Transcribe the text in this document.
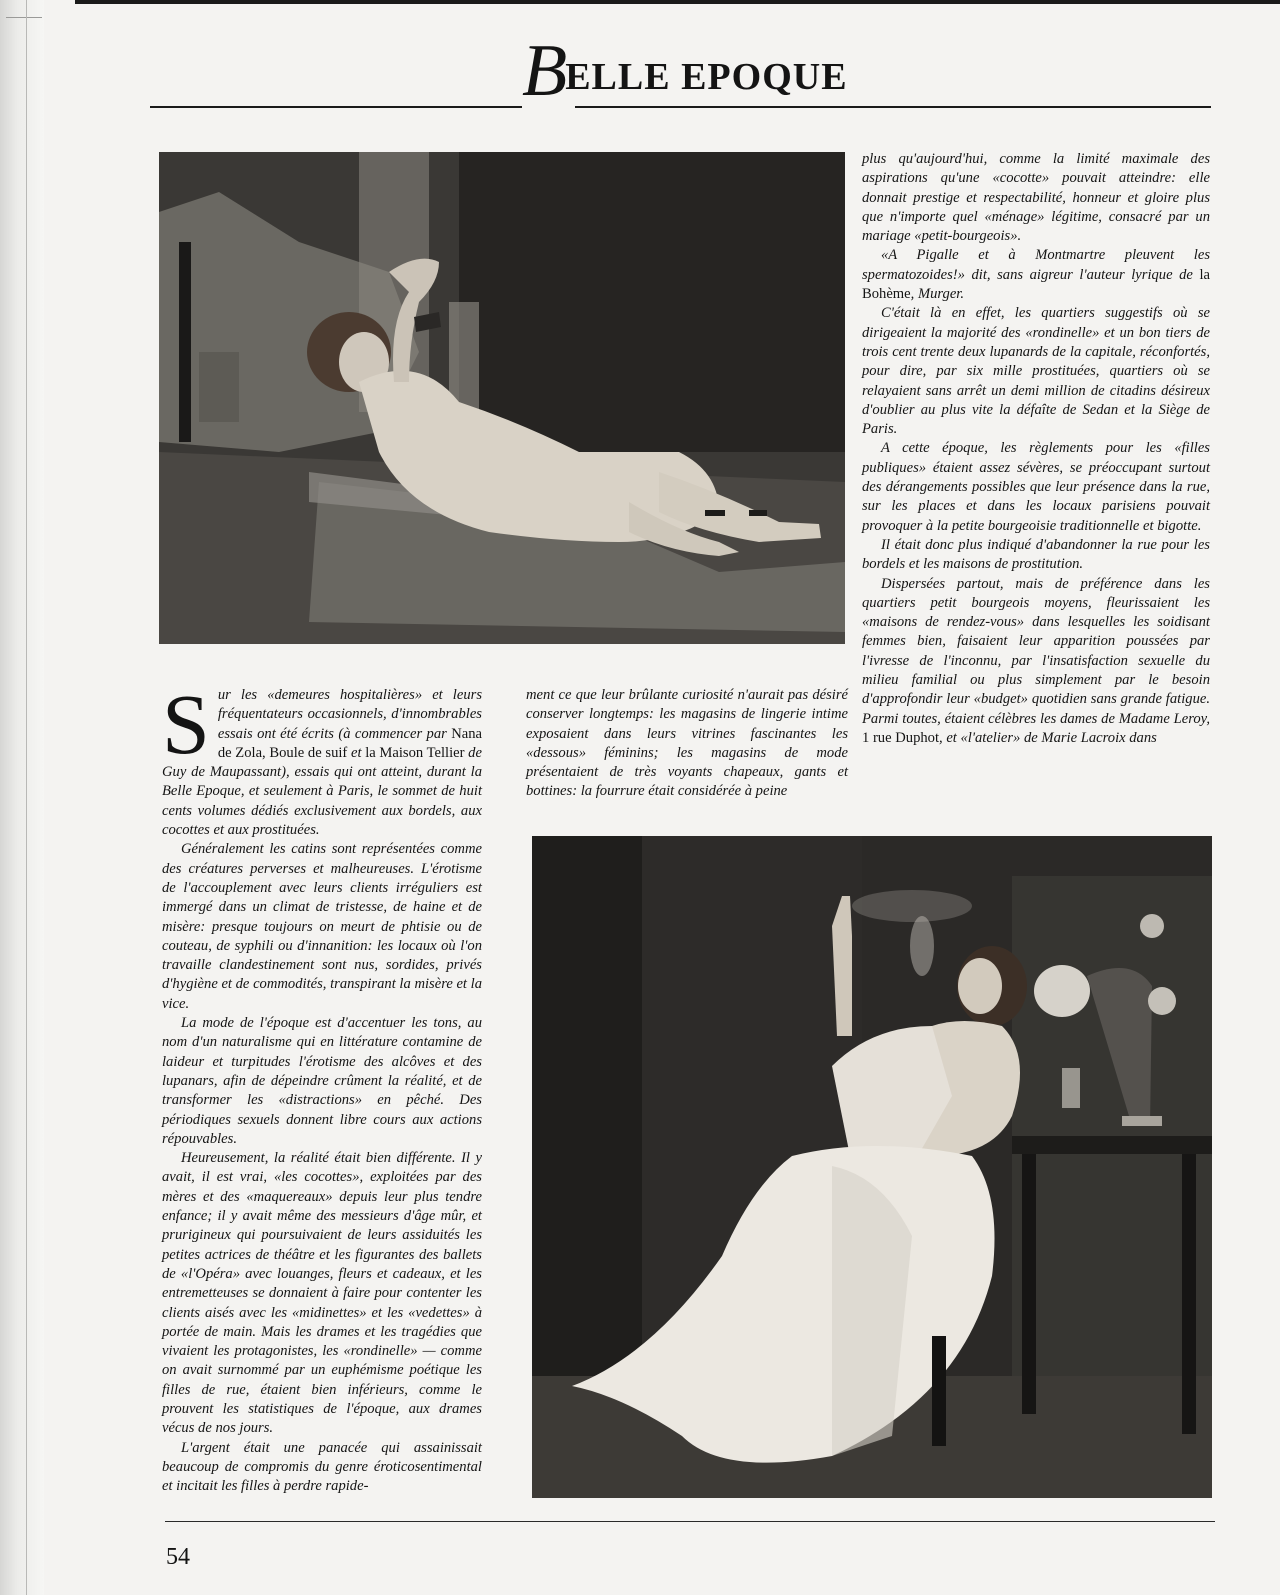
BELLE EPOQUE

Sur les «demeures hospitalières» et leurs fréquentateurs occasionnels, d'innombrables essais ont été écrits (à commencer par Nana de Zola, Boule de suif et la Maison Tellier de Guy de Maupassant), essais qui ont atteint, durant la Belle Epoque, et seulement à Paris, le sommet de huit cents volumes dédiés exclusivement aux bordels, aux cocottes et aux prostituées.

Généralement les catins sont représentées comme des créatures perverses et malheureuses. L'érotisme de l'accouplement avec leurs clients irréguliers est immergé dans un climat de tristesse, de haine et de misère: presque toujours on meurt de phtisie ou de couteau, de syphili ou d'innanition: les locaux où l'on travaille clandestinement sont nus, sordides, privés d'hygiène et de commodités, transpirant la misère et la vice.

La mode de l'époque est d'accentuer les tons, au nom d'un naturalisme qui en littérature contamine de laideur et turpitudes l'érotisme des alcôves et des lupanars, afin de dépeindre crûment la réalité, et de transformer les «distractions» en pêché. Des périodiques sexuels donnent libre cours aux actions répouvables.

Heureusement, la réalité était bien différente. Il y avait, il est vrai, «les cocottes», exploitées par des mères et des «maquereaux» depuis leur plus tendre enfance; il y avait même des messieurs d'âge mûr, et prurigineux qui poursuivaient de leurs assiduités les petites actrices de théâtre et les figurantes des ballets de «l'Opéra» avec louanges, fleurs et cadeaux, et les entremetteuses se donnaient à faire pour contenter les clients aisés avec les «midinettes» et les «vedettes» à portée de main. Mais les drames et les tragédies que vivaient les protagonistes, les «rondinelle» — comme on avait surnommé par un euphémisme poétique les filles de rue, étaient bien inférieurs, comme le prouvent les statistiques de l'époque, aux drames vécus de nos jours.

L'argent était une panacée qui assainissait beaucoup de compromis du genre éroticosentimental et incitait les filles à perdre rapide-

ment ce que leur brûlante curiosité n'aurait pas désiré conserver longtemps: les magasins de lingerie intime exposaient dans leurs vitrines fascinantes les «dessous» féminins; les magasins de mode présentaient de très voyants chapeaux, gants et bottines: la fourrure était considérée à peine

plus qu'aujourd'hui, comme la limité maximale des aspirations qu'une «cocotte» pouvait atteindre: elle donnait prestige et respectabilité, honneur et gloire plus que n'importe quel «ménage» légitime, consacré par un mariage «petit-bourgeois».

«A Pigalle et à Montmartre pleuvent les spermatozoides!» dit, sans aigreur l'auteur lyrique de la Bohème, Murger.

C'était là en effet, les quartiers suggestifs où se dirigeaient la majorité des «rondinelle» et un bon tiers de trois cent trente deux lupanards de la capitale, réconfortés, pour dire, par six mille prostituées, quartiers où se relayaient sans arrêt un demi million de citadins désireux d'oublier au plus vite la défaîte de Sedan et la Siège de Paris.

A cette époque, les règlements pour les «filles publiques» étaient assez sévères, se préoccupant surtout des dérangements possibles que leur présence dans la rue, sur les places et dans les locaux parisiens pouvait provoquer à la petite bourgeoisie traditionnelle et bigotte.

Il était donc plus indiqué d'abandonner la rue pour les bordels et les maisons de prostitution.

Dispersées partout, mais de préférence dans les quartiers petit bourgeois moyens, fleurissaient les «maisons de rendez-vous» dans lesquelles les soidisant femmes bien, faisaient leur apparition poussées par l'ivresse de l'inconnu, par l'insatisfaction sexuelle du milieu familial ou plus simplement par le besoin d'approfondir leur «budget» quotidien sans grande fatigue. Parmi toutes, étaient célèbres les dames de Madame Leroy, 1 rue Duphot, et «l'atelier» de Marie Lacroix dans

54
